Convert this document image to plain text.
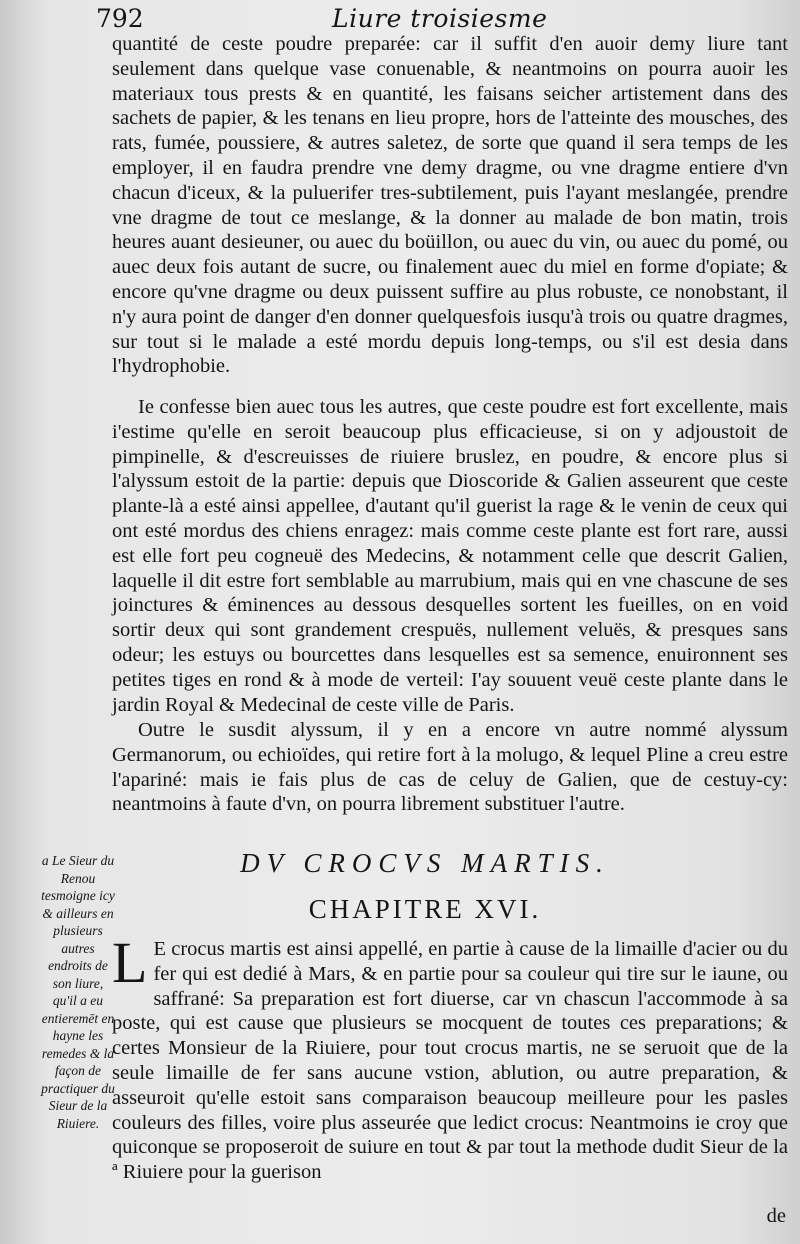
792	Liure troisiesme

quantité de ceste poudre preparée: car il suffit d'en auoir demy liure tant seulement dans quelque vase conuenable, & neantmoins on pourra auoir les materiaux tous prests & en quantité, les faisans seicher artistement dans des sachets de papier, & les tenans en lieu propre, hors de l'atteinte des mousches, des rats, fumée, poussiere, & autres saletez, de sorte que quand il sera temps de les employer, il en faudra prendre vne demy dragme, ou vne dragme entiere d'vn chacun d'iceux, & la puluerifer tres-subtilement, puis l'ayant meslangée, prendre vne dragme de tout ce meslange, & la donner au malade de bon matin, trois heures auant desieuner, ou auec du boüillon, ou auec du vin, ou auec du pomé, ou auec deux fois autant de sucre, ou finalement auec du miel en forme d'opiate; & encore qu'vne dragme ou deux puissent suffire au plus robuste, ce nonobstant, il n'y aura point de danger d'en donner quelquesfois iusqu'à trois ou quatre dragmes, sur tout si le malade a esté mordu depuis long-temps, ou s'il est desia dans l'hydrophobie.

Ie confesse bien auec tous les autres, que ceste poudre est fort excellente, mais i'estime qu'elle en seroit beaucoup plus efficacieuse, si on y adjoustoit de pimpinelle, & d'escreuisses de riuiere bruslez, en poudre, & encore plus si l'alyssum estoit de la partie: depuis que Dioscoride & Galien asseurent que ceste plante-là a esté ainsi appellee, d'autant qu'il guerist la rage & le venin de ceux qui ont esté mordus des chiens enragez: mais comme ceste plante est fort rare, aussi est elle fort peu cogneuë des Medecins, & notamment celle que descrit Galien, laquelle il dit estre fort semblable au marrubium, mais qui en vne chascune de ses joinctures & éminences au dessous desquelles sortent les fueilles, on en void sortir deux qui sont grandement crespuës, nullement veluës, & presques sans odeur; les estuys ou bourcettes dans lesquelles est sa semence, enuironnent ses petites tiges en rond & à mode de verteil: I'ay souuent veuë ceste plante dans le jardin Royal & Medecinal de ceste ville de Paris.

Outre le susdit alyssum, il y en a encore vn autre nommé alyssum Germanorum, ou echioïdes, qui retire fort à la molugo, & lequel Pline a creu estre l'apariné: mais ie fais plus de cas de celuy de Galien, que de cestuy-cy: neantmoins à faute d'vn, on pourra librement substituer l'autre.

DV CROCVS MARTIS.
CHAPITRE XVI.
a Le Sieur du Renou tesmoigne icy & ailleurs en plusieurs autres endroits de son liure, qu'il a eu entieremēt en hayne les remedes & la façon de practiquer du Sieur de la Riuiere.
L E crocus martis est ainsi appellé, en partie à cause de la limaille d'acier ou du fer qui est dedié à Mars, & en partie pour sa couleur qui tire sur le iaune, ou saffrané: Sa preparation est fort diuerse, car vn chascun l'accommode à sa poste, qui est cause que plusieurs se mocquent de toutes ces preparations; & certes Monsieur de la Riuiere, pour tout crocus martis, ne se seruoit que de la seule limaille de fer sans aucune vstion, ablution, ou autre preparation, & asseuroit qu'elle estoit sans comparaison beaucoup meilleure pour les pasles couleurs des filles, voire plus asseurée que ledict crocus: Neantmoins ie croy que quiconque se proposeroit de suiure en tout & par tout la methode dudit Sieur de la ª Riuiere pour la guerison

de
